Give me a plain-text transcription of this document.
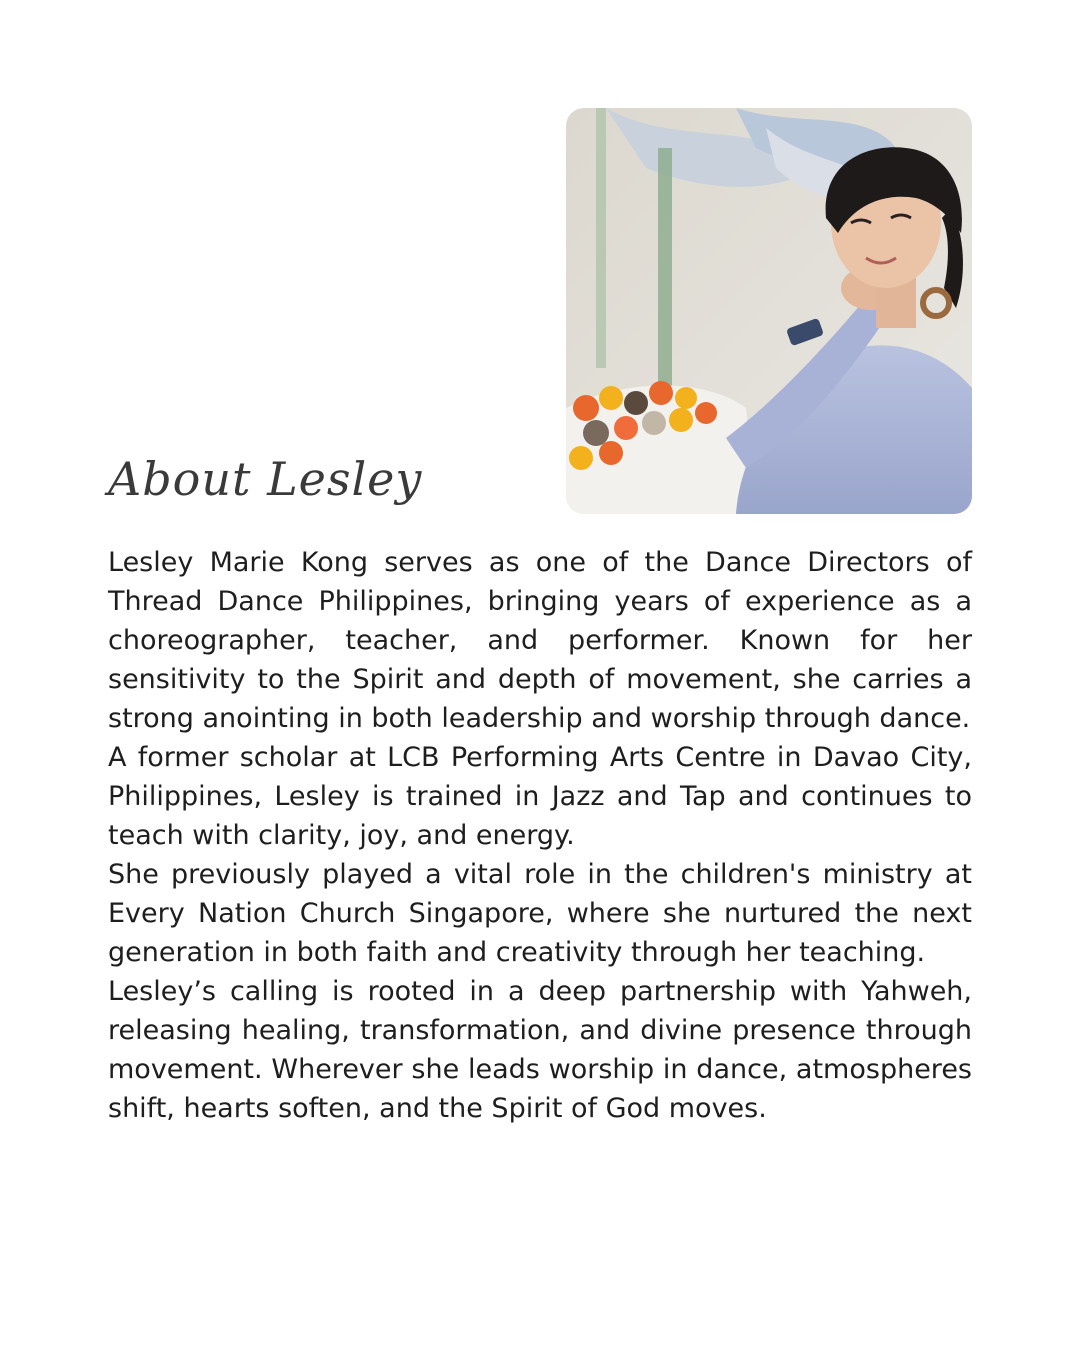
About Lesley

Lesley Marie Kong serves as one of the Dance Directors of Thread Dance Philippines, bringing years of experience as a choreographer, teacher, and performer. Known for her sensitivity to the Spirit and depth of movement, she carries a strong anointing in both leadership and worship through dance.

A former scholar at LCB Performing Arts Centre in Davao City, Philippines, Lesley is trained in Jazz and Tap and continues to teach with clarity, joy, and energy.

She previously played a vital role in the children's ministry at Every Nation Church Singapore, where she nurtured the next generation in both faith and creativity through her teaching.

Lesley’s calling is rooted in a deep partnership with Yahweh, releasing healing, transformation, and divine presence through movement. Wherever she leads worship in dance, atmospheres shift, hearts soften, and the Spirit of God moves.
